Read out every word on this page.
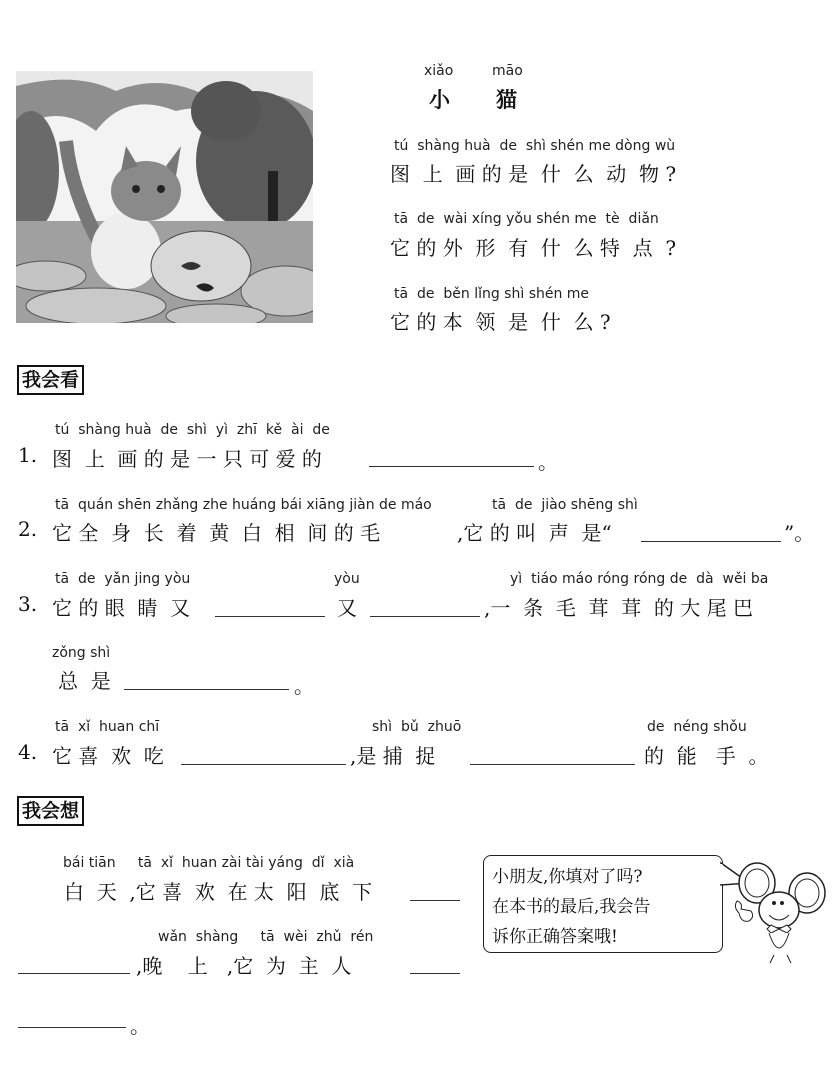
xiǎo	māo
小 猫
tú  shàng huà  de  shì shén me dòng wù
图  上  画 的 是  什  么  动  物 ?
tā  de  wài xíng yǒu shén me  tè  diǎn
它 的 外  形  有  什  么 特  点  ?
tā  de  běn lǐng shì shén me
它 的 本  领  是  什  么 ?
我会看
tú  shàng huà  de  shì  yì  zhī  kě  ài  de
1. 图  上  画 的 是 一 只 可 爱 的	。
tā  quán shēn zhǎng zhe huáng bái xiāng jiàn de máo	tā  de  jiào shēng shì
2. 它 全  身  长  着  黄  白  相  间 的 毛	,它 的 叫  声  是“	”。
tā  de  yǎn jing yòu	yòu	yì  tiáo máo róng róng de  dà  wěi ba
3. 它 的 眼  睛  又	又	,一  条  毛  茸  茸  的 大 尾 巴
zǒng shì
总  是	。
tā  xǐ  huan chī	shì  bǔ  zhuō	de  néng shǒu
4. 它 喜  欢  吃	,是 捕  捉	的  能   手  。
我会想
bái tiān     tā  xǐ  huan zài tài yáng  dǐ  xià
白  天  ,它 喜  欢  在 太  阳  底  下
wǎn  shàng     tā  wèi  zhǔ  rén
,晚    上   ,它  为  主  人
。
小朋友,你填对了吗?
在本书的最后,我会告
诉你正确答案哦!
